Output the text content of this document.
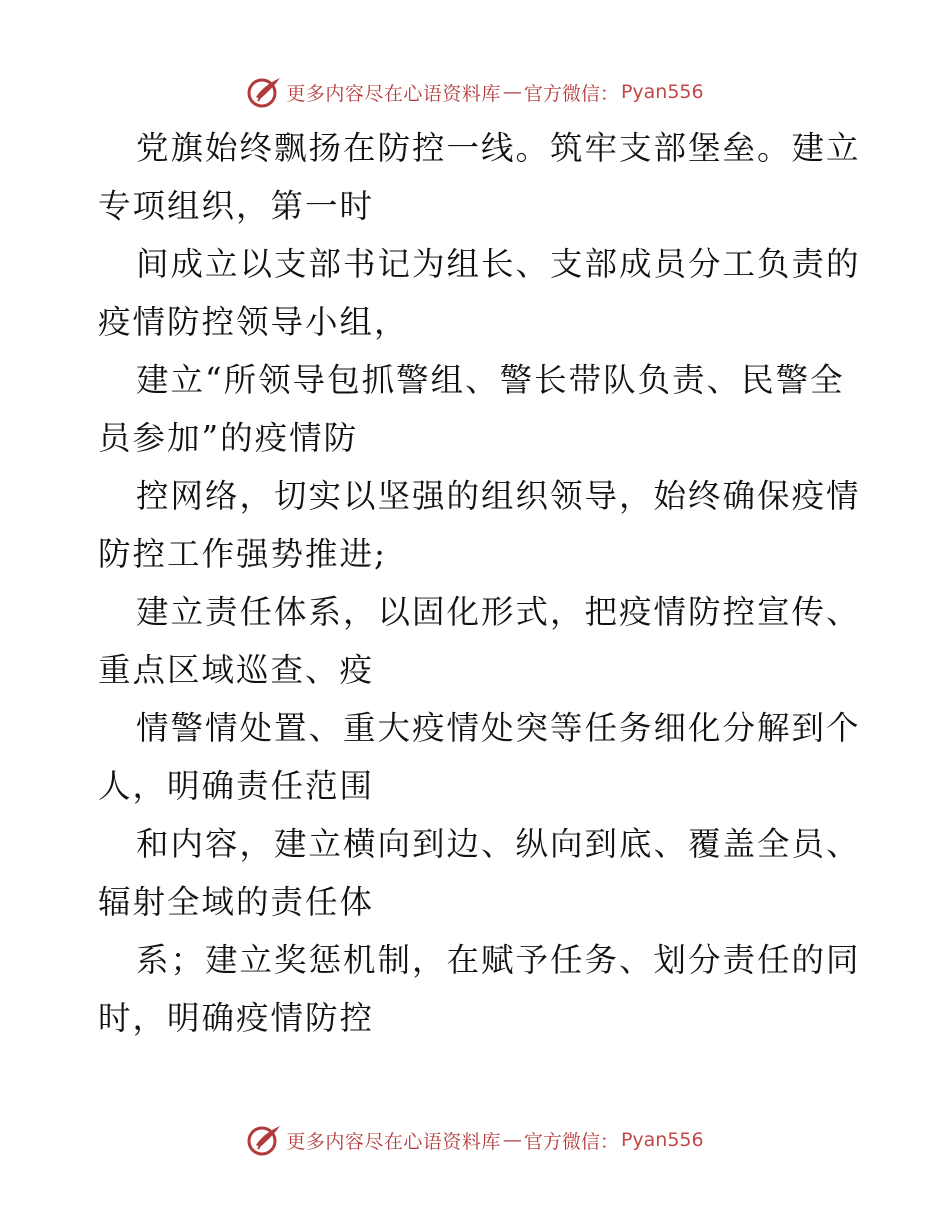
更多内容尽在心语资料库 — 官方微信： Pyan556
党旗始终飘扬在防控一线。筑牢支部堡垒。建立
专项组织，第一时
间成立以支部书记为组长、支部成员分工负责的
疫情防控领导小组，
建立“所领导包抓警组、警长带队负责、民警全
员参加”的疫情防
控网络，切实以坚强的组织领导，始终确保疫情
防控工作强势推进;
建立责任体系，以固化形式，把疫情防控宣传、
重点区域巡查、疫
情警情处置、重大疫情处突等任务细化分解到个
人，明确责任范围
和内容，建立横向到边、纵向到底、覆盖全员、
辐射全域的责任体
系；建立奖惩机制，在赋予任务、划分责任的同
时，明确疫情防控
更多内容尽在心语资料库 — 官方微信： Pyan556
